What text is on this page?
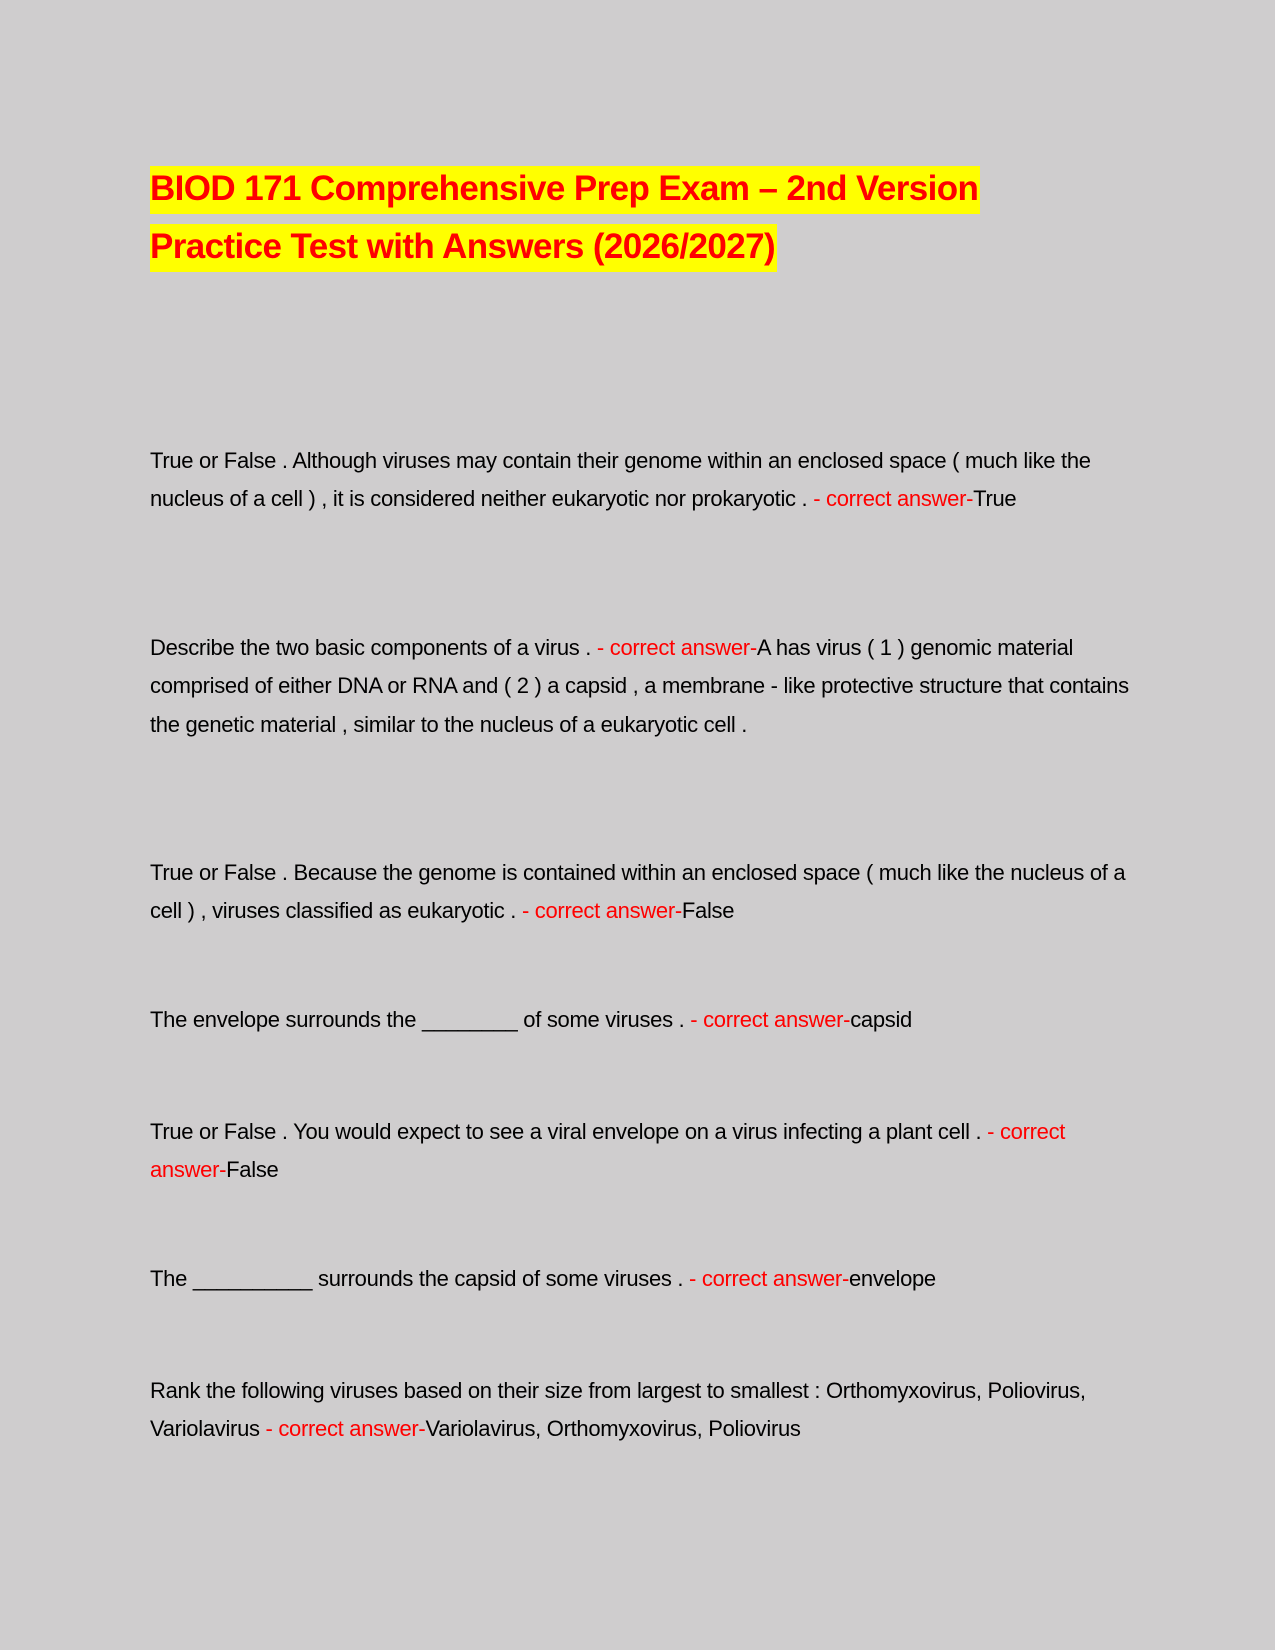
BIOD 171 Comprehensive Prep Exam – 2nd Version
Practice Test with Answers (2026/2027)
True or False . Although viruses may contain their genome within an enclosed space ( much like the nucleus of a cell ) , it is considered neither eukaryotic nor prokaryotic . - correct answer-True
Describe the two basic components of a virus . - correct answer-A has virus ( 1 ) genomic material comprised of either DNA or RNA and ( 2 ) a capsid , a membrane - like protective structure that contains the genetic material , similar to the nucleus of a eukaryotic cell .
True or False . Because the genome is contained within an enclosed space ( much like the nucleus of a cell ) , viruses classified as eukaryotic . - correct answer-False
The envelope surrounds the ________ of some viruses . - correct answer-capsid
True or False . You would expect to see a viral envelope on a virus infecting a plant cell . - correct answer-False
The __________ surrounds the capsid of some viruses . - correct answer-envelope
Rank the following viruses based on their size from largest to smallest : Orthomyxovirus, Poliovirus, Variolavirus - correct answer-Variolavirus, Orthomyxovirus, Poliovirus
